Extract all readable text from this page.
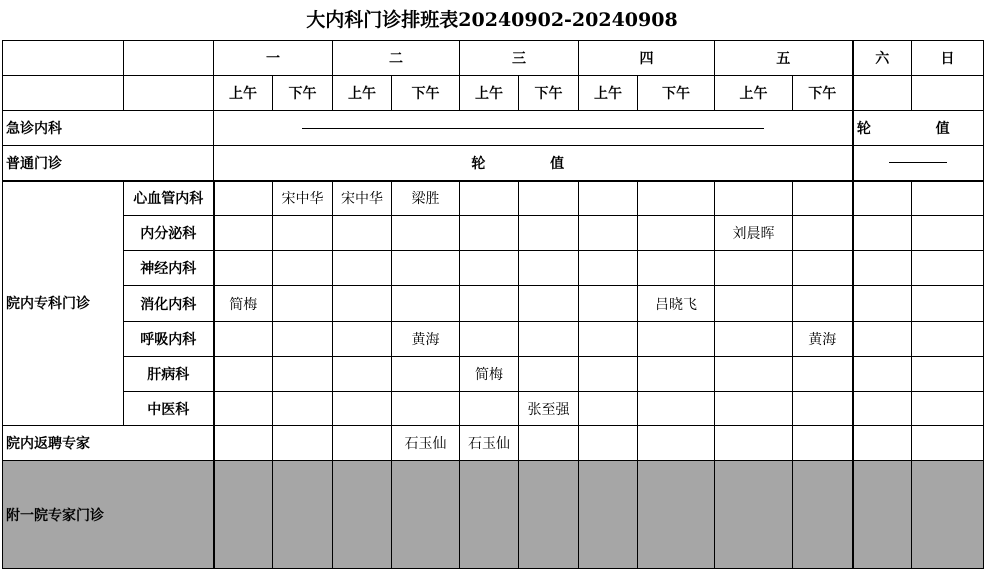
大内科门诊排班表20240902-20240908
		一		二		三		四		五		六	日
		上午	下午	上午	下午	上午	下午	上午	下午	上午	下午		
急诊内科												轮 值	
普通门诊		轮 值											
院内专科门诊	心血管内科		宋中华	宋中华	梁胜								
	内分泌科									刘晨晖			
	神经内科												
	消化内科	简梅							吕晓飞				
	呼吸内科				黄海						黄海		
	肝病科					简梅							
	中医科						张至强						
院内返聘专家					石玉仙	石玉仙							
附一院专家门诊													
